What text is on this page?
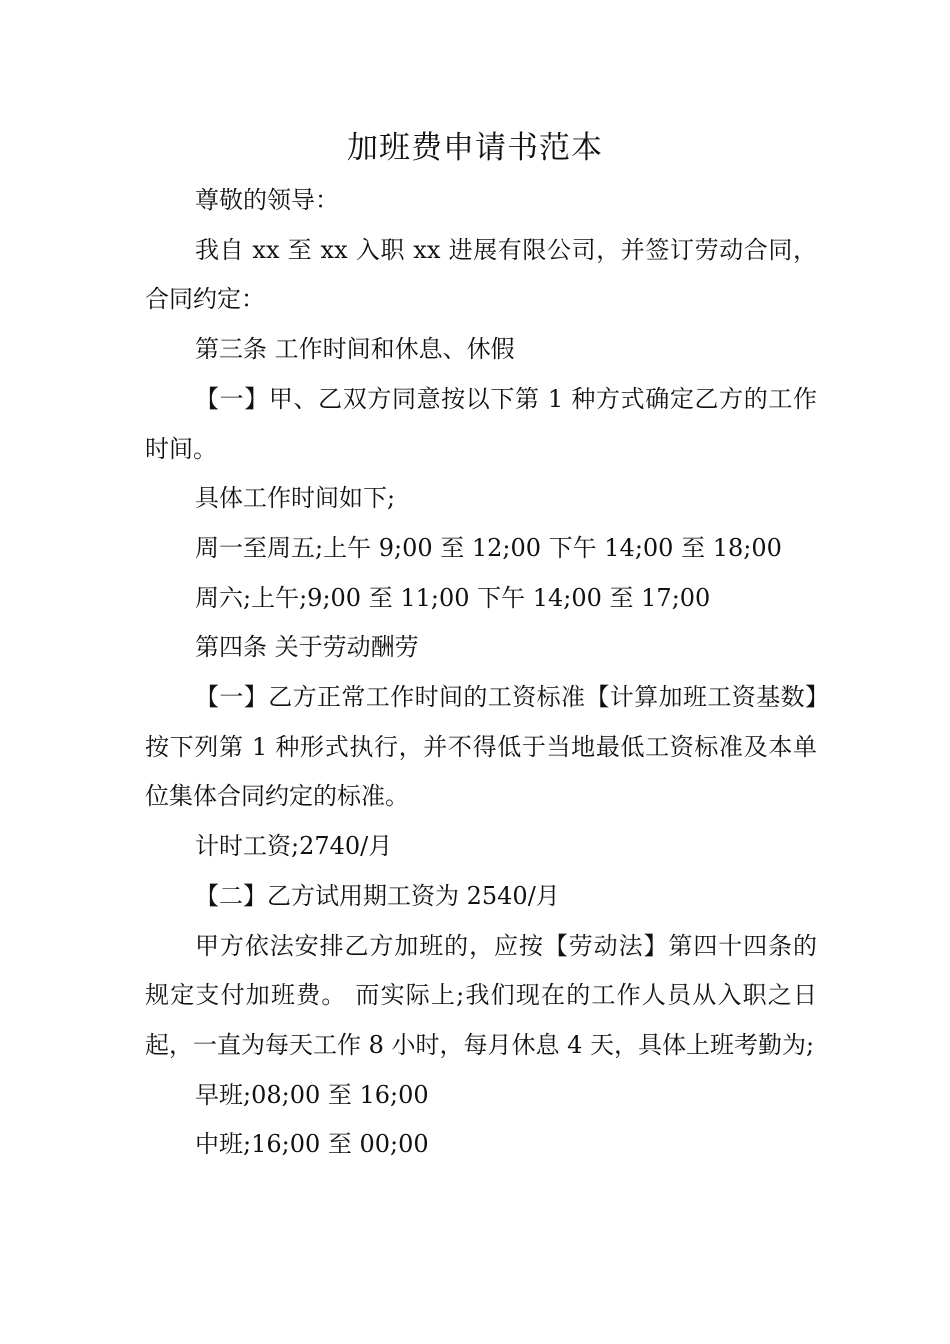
加班费申请书范本

尊敬的领导：

我自 xx 至 xx 入职 xx 进展有限公司，并签订劳动合同，合同约定：

第三条 工作时间和休息、休假

【一】甲、乙双方同意按以下第 1 种方式确定乙方的工作时间。

具体工作时间如下;

周一至周五;上午 9;00 至 12;00 下午 14;00 至 18;00

周六;上午;9;00 至 11;00 下午 14;00 至 17;00

第四条 关于劳动酬劳

【一】乙方正常工作时间的工资标准【计算加班工资基数】按下列第 1 种形式执行，并不得低于当地最低工资标准及本单位集体合同约定的标准。

计时工资;2740/月

【二】乙方试用期工资为 2540/月

甲方依法安排乙方加班的，应按【劳动法】第四十四条的规定支付加班费。 而实际上;我们现在的工作人员从入职之日起，一直为每天工作 8 小时，每月休息 4 天，具体上班考勤为;

早班;08;00 至 16;00

中班;16;00 至 00;00
